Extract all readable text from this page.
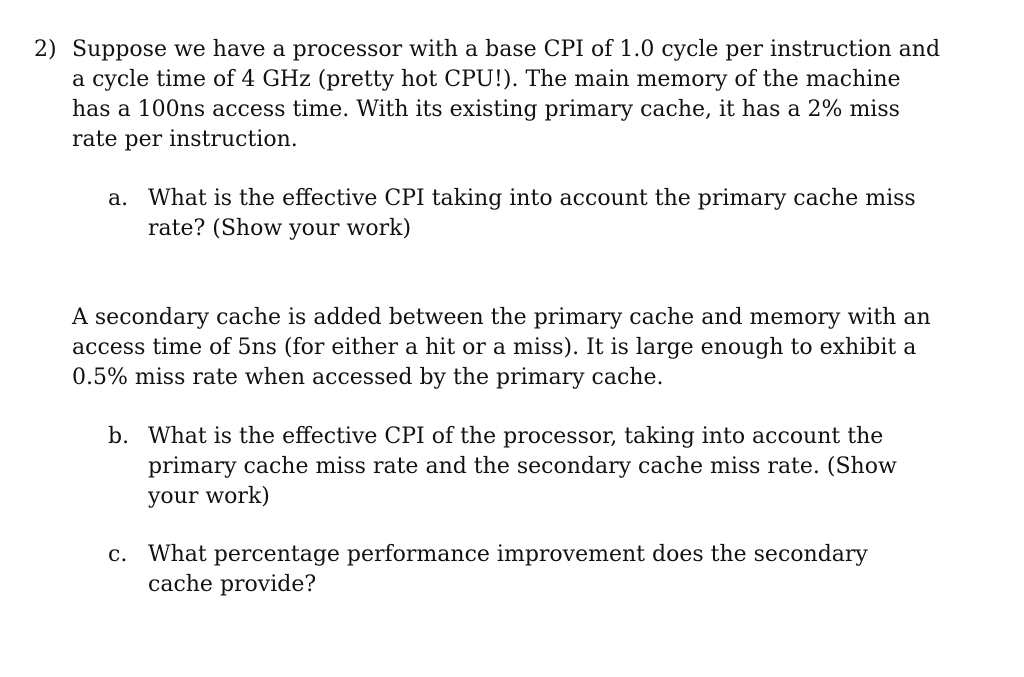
2) Suppose we have a processor with a base CPI of 1.0 cycle per instruction and
a cycle time of 4 GHz (pretty hot CPU!). The main memory of the machine
has a 100ns access time. With its existing primary cache, it has a 2% miss
rate per instruction.
a. What is the effective CPI taking into account the primary cache miss
rate? (Show your work)
A secondary cache is added between the primary cache and memory with an
access time of 5ns (for either a hit or a miss). It is large enough to exhibit a
0.5% miss rate when accessed by the primary cache.
b. What is the effective CPI of the processor, taking into account the
primary cache miss rate and the secondary cache miss rate. (Show
your work)
c. What percentage performance improvement does the secondary
cache provide?
